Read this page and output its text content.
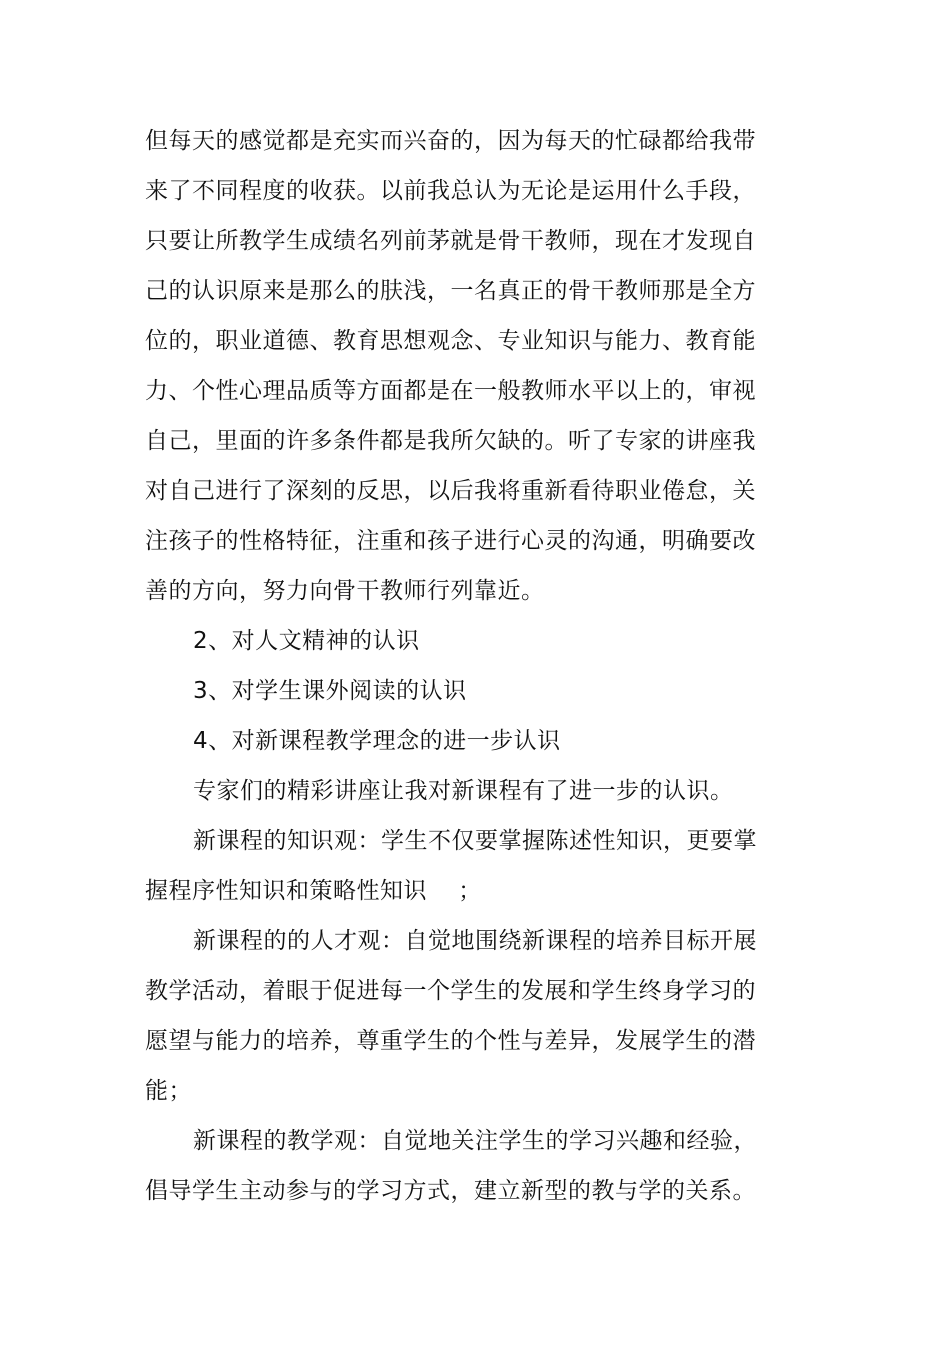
但每天的感觉都是充实而兴奋的，因为每天的忙碌都给我带
来了不同程度的收获。以前我总认为无论是运用什么手段，
只要让所教学生成绩名列前茅就是骨干教师，现在才发现自
己的认识原来是那么的肤浅，一名真正的骨干教师那是全方
位的，职业道德、教育思想观念、专业知识与能力、教育能
力、个性心理品质等方面都是在一般教师水平以上的，审视
自己，里面的许多条件都是我所欠缺的。听了专家的讲座我
对自己进行了深刻的反思，以后我将重新看待职业倦怠，关
注孩子的性格特征，注重和孩子进行心灵的沟通，明确要改
善的方向，努力向骨干教师行列靠近。
2、对人文精神的认识
3、对学生课外阅读的认识
4、对新课程教学理念的进一步认识
专家们的精彩讲座让我对新课程有了进一步的认识。
新课程的知识观：学生不仅要掌握陈述性知识，更要掌
握程序性知识和策略性知识　 ；
新课程的的人才观：自觉地围绕新课程的培养目标开展
教学活动，着眼于促进每一个学生的发展和学生终身学习的
愿望与能力的培养，尊重学生的个性与差异，发展学生的潜
能；
新课程的教学观：自觉地关注学生的学习兴趣和经验，
倡导学生主动参与的学习方式，建立新型的教与学的关系。
